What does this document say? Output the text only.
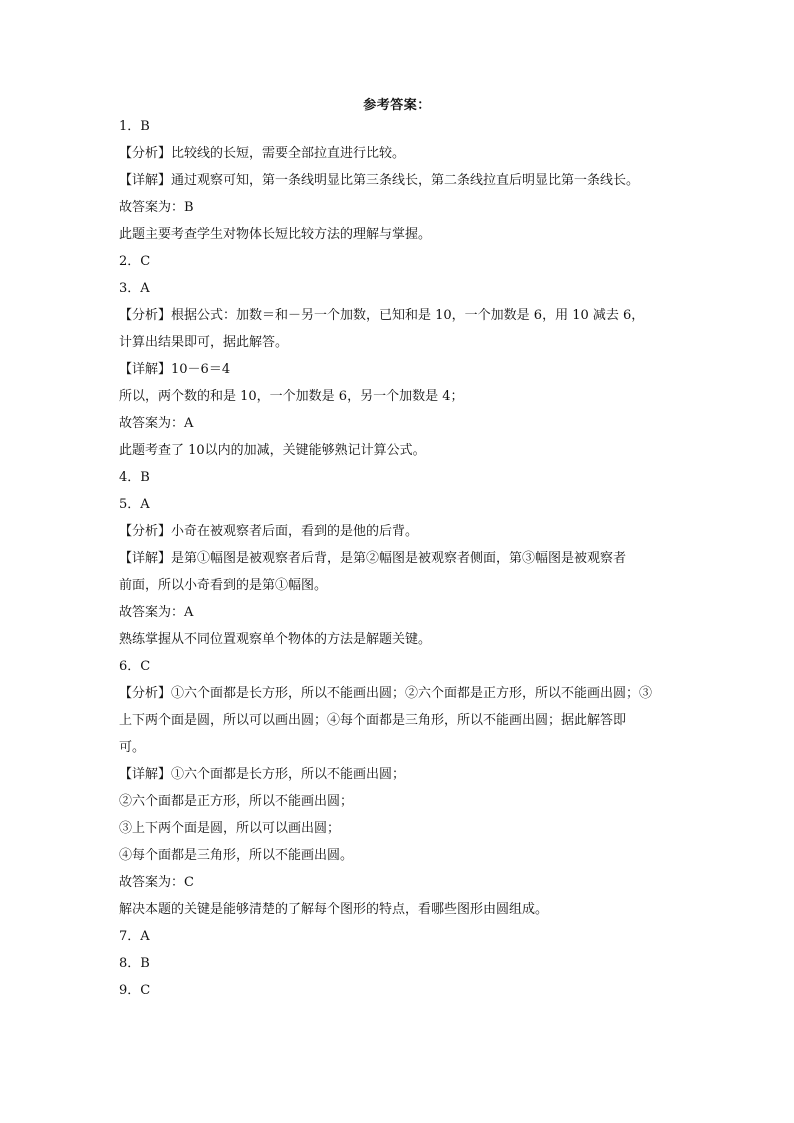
参考答案：
1．B
【分析】比较线的长短，需要全部拉直进行比较。
【详解】通过观察可知，第一条线明显比第三条线长，第二条线拉直后明显比第一条线长。
故答案为：B
此题主要考查学生对物体长短比较方法的理解与掌握。
2．C
3．A
【分析】根据公式：加数＝和－另一个加数，已知和是 10，一个加数是 6，用 10 减去 6，
计算出结果即可，据此解答。
【详解】10－6＝4
所以，两个数的和是 10，一个加数是 6，另一个加数是 4；
故答案为：A
此题考查了 10以内的加减，关键能够熟记计算公式。
4．B
5．A
【分析】小奇在被观察者后面，看到的是他的后背。
【详解】是第①幅图是被观察者后背，是第②幅图是被观察者侧面，第③幅图是被观察者
前面，所以小奇看到的是第①幅图。
故答案为：A
熟练掌握从不同位置观察单个物体的方法是解题关键。
6．C
【分析】①六个面都是长方形，所以不能画出圆；②六个面都是正方形，所以不能画出圆；③
上下两个面是圆，所以可以画出圆；④每个面都是三角形，所以不能画出圆；据此解答即
可。
【详解】①六个面都是长方形，所以不能画出圆；
②六个面都是正方形，所以不能画出圆；
③上下两个面是圆，所以可以画出圆；
④每个面都是三角形，所以不能画出圆。
故答案为：C
解决本题的关键是能够清楚的了解每个图形的特点，看哪些图形由圆组成。
7．A
8．B
9．C
